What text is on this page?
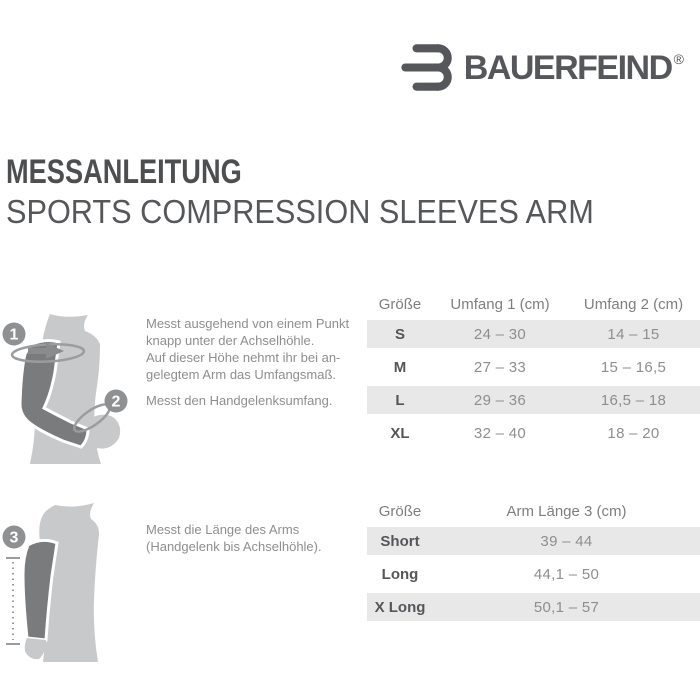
BAUERFEIND ®
MESSANLEITUNG
SPORTS COMPRESSION SLEEVES ARM
1
2
Messt ausgehend von einem Punkt
knapp unter der Achselhöhle.
Auf dieser Höhe nehmt ihr bei an-
gelegtem Arm das Umfangsmaß.
Messt den Handgelenksumfang.
Größe	Umfang 1 (cm)	Umfang 2 (cm)
S	24 – 30	14 – 15
M	27 – 33	15 – 16,5
L	29 – 36	16,5 – 18
XL	32 – 40	18 – 20
3	Messt die Länge des Arms
(Handgelenk bis Achselhöhle).
Größe	Arm Länge 3 (cm)
Short	39 – 44
Long	44,1 – 50
X Long	50,1 – 57
